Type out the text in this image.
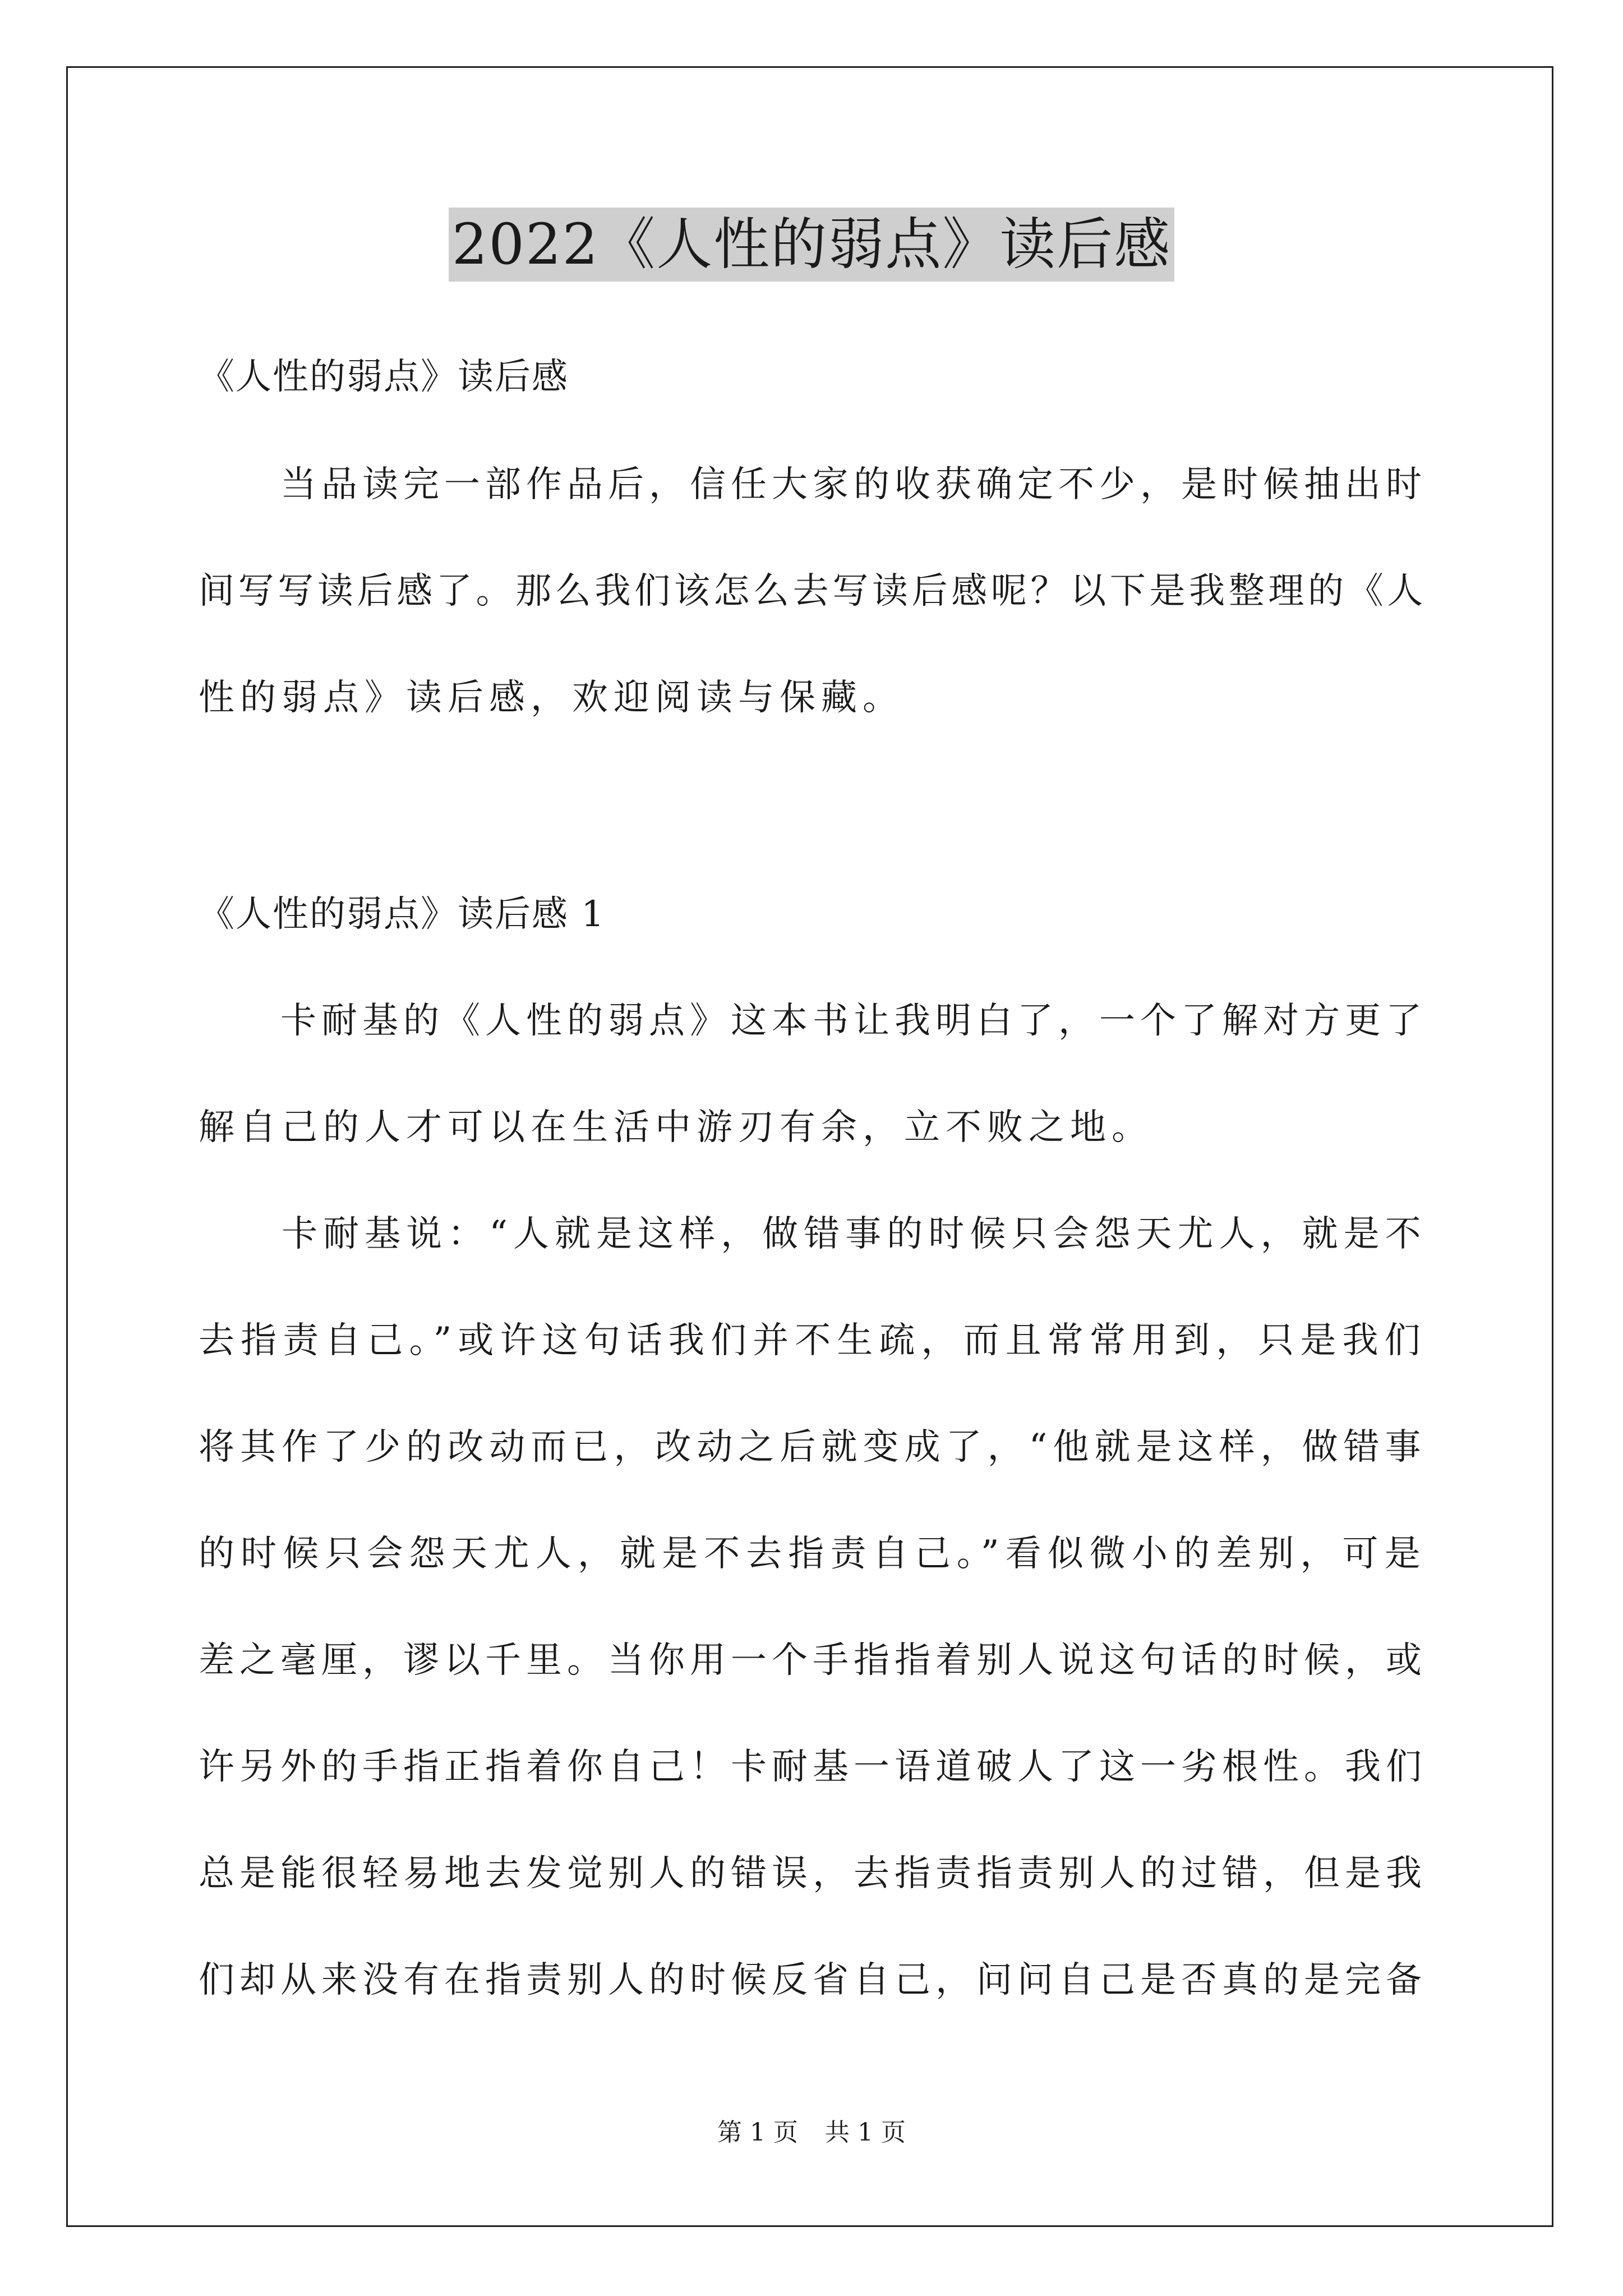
2022《人性的弱点》读后感
《人性的弱点》读后感
　　当品读完一部作品后，信任大家的收获确定不少，是时候抽出时
间写写读后感了。那么我们该怎么去写读后感呢？以下是我整理的《人
性的弱点》读后感，欢迎阅读与保藏。
《人性的弱点》读后感 1
　　卡耐基的《人性的弱点》这本书让我明白了，一个了解对方更了
解自己的人才可以在生活中游刃有余，立不败之地。
　　卡耐基说：“人就是这样，做错事的时候只会怨天尤人，就是不
去指责自己。”或许这句话我们并不生疏，而且常常用到，只是我们
将其作了少的改动而已，改动之后就变成了，“他就是这样，做错事
的时候只会怨天尤人，就是不去指责自己。”看似微小的差别，可是
差之毫厘，谬以千里。当你用一个手指指着别人说这句话的时候，或
许另外的手指正指着你自己！卡耐基一语道破人了这一劣根性。我们
总是能很轻易地去发觉别人的错误，去指责指责别人的过错，但是我
们却从来没有在指责别人的时候反省自己，问问自己是否真的是完备
第 1 页 共 1 页
